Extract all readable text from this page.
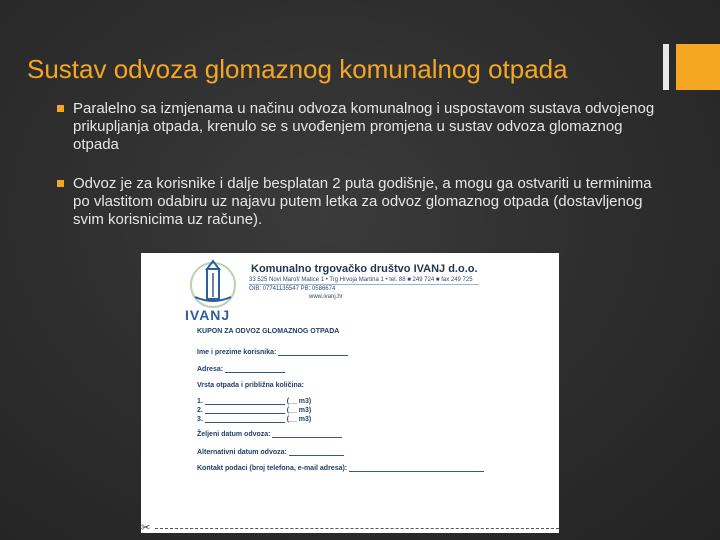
Sustav odvoza glomaznog komunalnog otpada
Paralelno sa izmjenama u načinu odvoza komunalnog i uspostavom sustava odvojenog prikupljanja otpada, krenulo se s uvođenjem promjena u sustav odvoza glomaznog otpada
Odvoz je za korisnike i dalje besplatan 2 puta godišnje, a mogu ga ostvariti u terminima po vlastitom odabiru uz najavu putem letka za odvoz glomaznog otpada (dostavljenog svim korisnicima uz račune).
IVANJ
Komunalno trgovačko društvo IVANJ d.o.o.
33 525 Novi Marof/ Matice 1 • Trg Hrvoja Martina 1 • tel. 88 ■ 249 724 ■ fax 249 725
OIB: 07741135547 PB: 0586674
www.ivanj.hr
KUPON ZA ODVOZ GLOMAZNOG OTPADA
Ime i prezime korisnika:
Adresa:
Vrsta otpada i približna količina:
1.	(__ m3)
2.	(__ m3)
3.	(__ m3)
Željeni datum odvoza:
Alternativni datum odvoza:
Kontakt podaci (broj telefona, e-mail adresa):
✂
